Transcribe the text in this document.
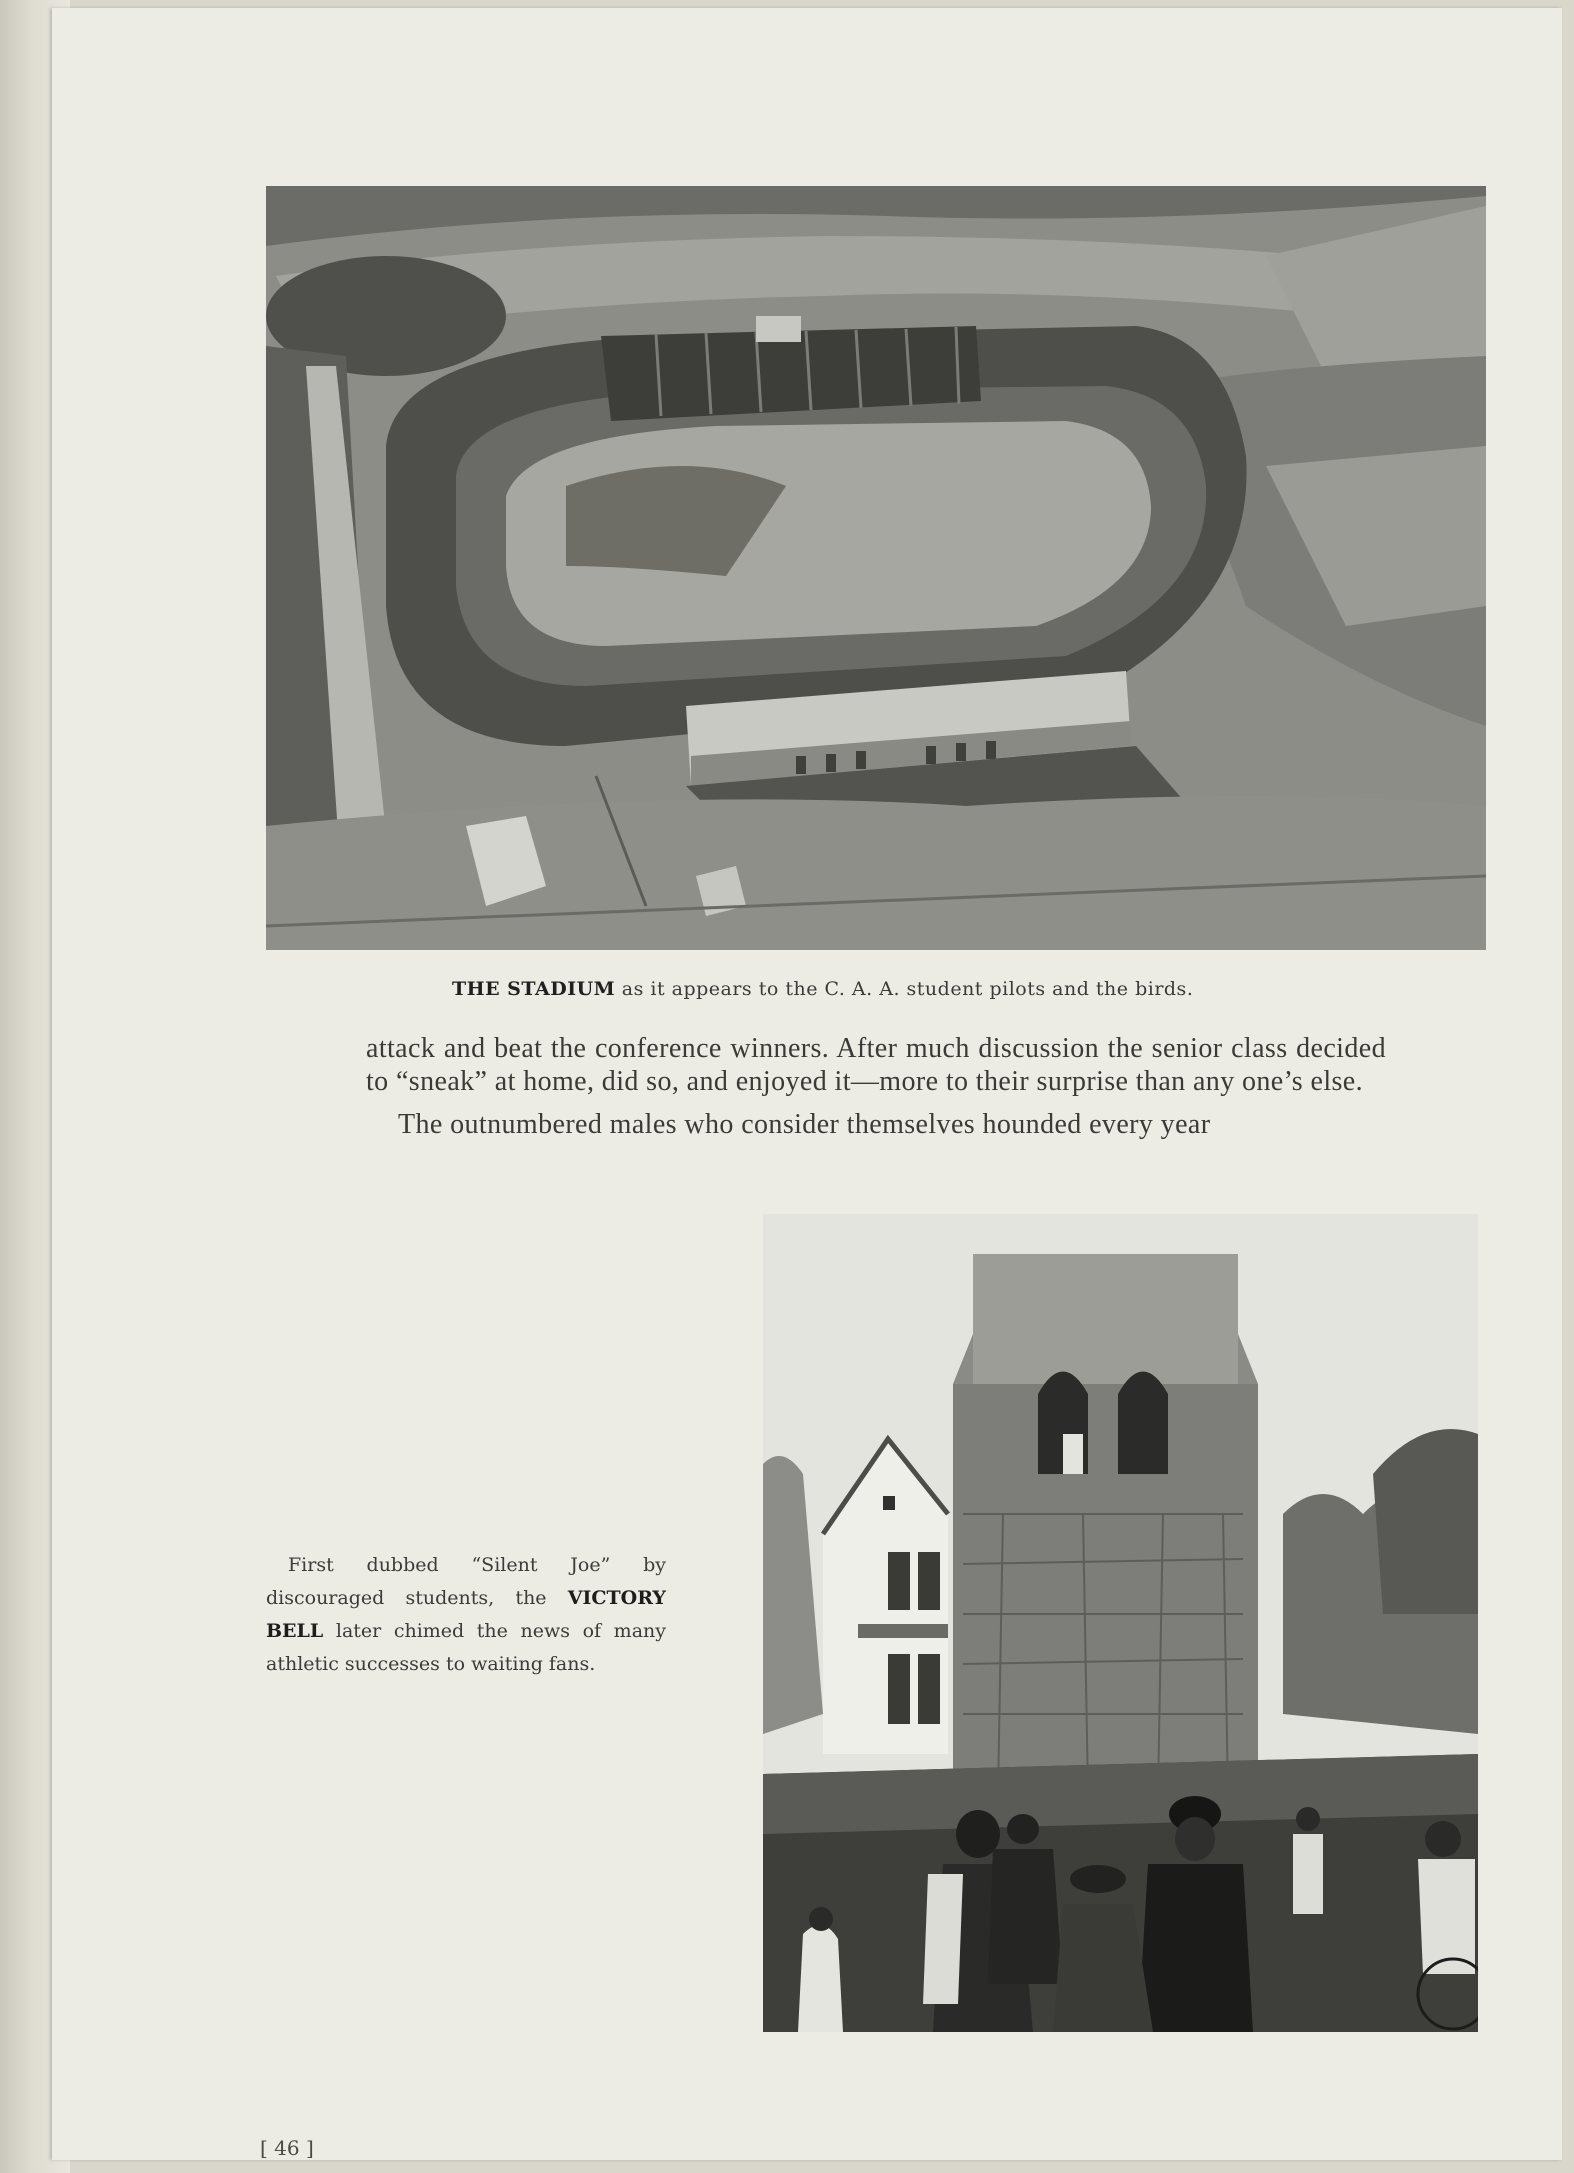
THE STADIUM as it appears to the C. A. A. student pilots and the birds.

attack and beat the conference winners. After much discussion the senior class decided to “sneak” at home, did so, and enjoyed it—more to their surprise than any one’s else.

The outnumbered males who consider themselves hounded every year

First dubbed “Silent Joe” by discouraged students, the VICTORY BELL later chimed the news of many athletic successes to waiting fans.

[ 46 ]
